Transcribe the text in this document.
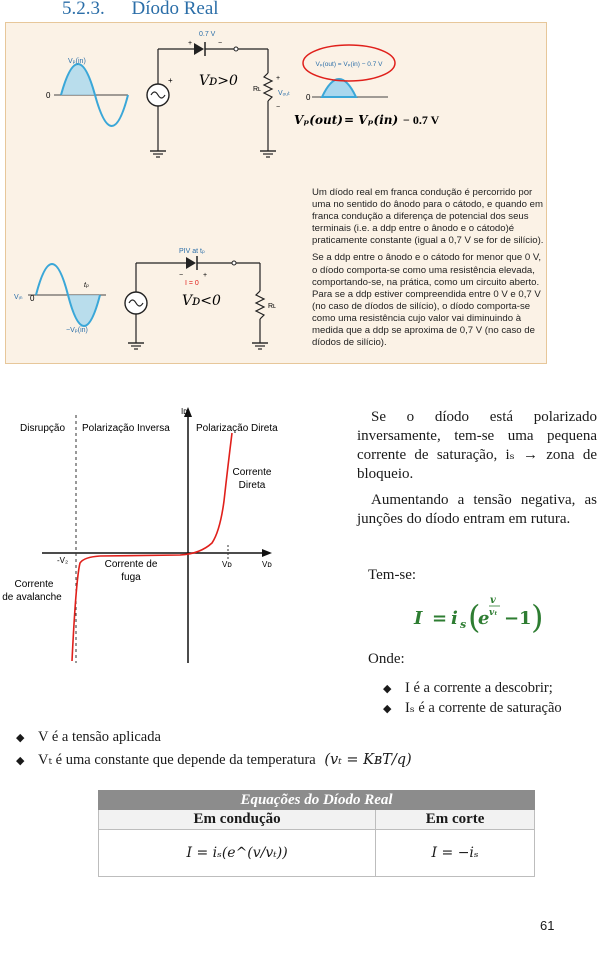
5.2.3. Díodo Real
Vₚ(in)
0
+
0.7 V
+	−
Vᴅ>0
Rʟ
+
Vₒᵤₜ
−
0
Vₚ(out) = Vₚ(in) − 0.7 V
Vₚ(out) = Vₚ(in) − 0.7 V
Vᵢₙ 0
tₚ
−Vₚ(in)
PIV at tₚ
−	+
I = 0
Vᴅ<0	Rʟ
Um díodo real em franca condução é percorrido por
uma no sentido do ânodo para o cátodo, e quando em
franca condução a diferença de potencial dos seus
terminais (i.e. a ddp entre o ânodo e o cátodo)é
praticamente constante (igual a 0,7 V se for de silício).
Se a ddp entre o ânodo e o cátodo for menor que 0 V,
o díodo comporta-se como uma resistência elevada,
comportando-se, na prática, como um circuito aberto.
Para se a ddp estiver compreendida entre 0 V e 0,7 V
(no caso de díodos de silício), o díodo comporta-se
como uma resistência cujo valor vai diminuindo à
medida que a ddp se aproxima de 0,7 V (no caso de
díodos de silício).
Disrupção Polarização Inversa	Polarização Direta
Iᴅ
Vᴅ
-V₂	Vᴅ
Corrente
Direta
Corrente de
fuga
Corrente
de avalanche
Se o díodo está polarizado inversamente, tem-se uma pequena corrente de saturação, iₛ → zona de bloqueio.
Aumentando a tensão negativa, as junções do díodo entram em rutura.
Tem-se:
I = i s (
e
v
vₜ − 1 )
Onde:
◆ I é a corrente a descobrir;
◆ Iₛ é a corrente de saturação
◆ V é a tensão aplicada
◆ Vₜ é uma constante que depende da temperatura (vₜ = KʙT/q)
Equações do Díodo Real	
Em condução	Em corte
I = iₛ(e^(v/vₜ))	I = −iₛ
61
